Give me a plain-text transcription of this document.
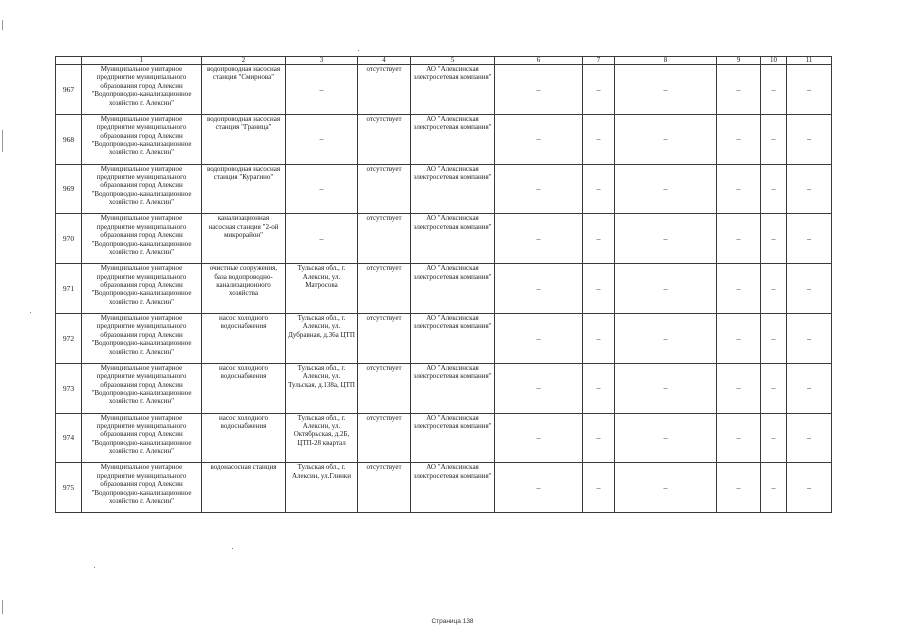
	1	2	3	4	5	6	7	8	9	10	11
967	Муниципальное унитарное предприятие муниципального образования город Алексин "Водопроводно-канализационное хозяйство г. Алексин"	водопроводная насосная станция "Смирнова"	–	отсутствует	АО "Алексинская электросетевая компания"	–	–	–	–	–	–
968	Муниципальное унитарное предприятие муниципального образования город Алексин "Водопроводно-канализационное хозяйство г. Алексин"	водопроводная насосная станция "Граница"	–	отсутствует	АО "Алексинская электросетевая компания"	–	–	–	–	–	–
969	Муниципальное унитарное предприятие муниципального образования город Алексин "Водопроводно-канализационное хозяйство г. Алексин"	водопроводная насосная станция "Курагино"	–	отсутствует	АО "Алексинская электросетевая компания"	–	–	–	–	–	–
970	Муниципальное унитарное предприятие муниципального образования город Алексин "Водопроводно-канализационное хозяйство г. Алексин"	канализационная насосная станция "2-ой микрорайон"	–	отсутствует	АО "Алексинская электросетевая компания"	–	–	–	–	–	–
971	Муниципальное унитарное предприятие муниципального образования город Алексин "Водопроводно-канализационное хозяйство г. Алексин"	очистные сооружения, база водопроводно-канализационного хозяйства	Тульская обл., г. Алексин, ул. Матросова	отсутствует	АО "Алексинская электросетевая компания"	–	–	–	–	–	–
972	Муниципальное унитарное предприятие муниципального образования город Алексин "Водопроводно-канализационное хозяйство г. Алексин"	насос холодного водоснабжения	Тульская обл., г. Алексин, ул. Дубравная, д.36а ЦТП	отсутствует	АО "Алексинская электросетевая компания"	–	–	–	–	–	–
973	Муниципальное унитарное предприятие муниципального образования город Алексин "Водопроводно-канализационное хозяйство г. Алексин"	насос холодного водоснабжения	Тульская обл., г. Алексин, ул. Тульская, д.138а, ЦТП	отсутствует	АО "Алексинская электросетевая компания"	–	–	–	–	–	–
974	Муниципальное унитарное предприятие муниципального образования город Алексин "Водопроводно-канализационное хозяйство г. Алексин"	насос холодного водоснабжения	Тульская обл., г. Алексин, ул. Октябрьская, д.2Б, ЦТП-28 квартал	отсутствует	АО "Алексинская электросетевая компания"	–	–	–	–	–	–
975	Муниципальное унитарное предприятие муниципального образования город Алексин "Водопроводно-канализационное хозяйство г. Алексин"	водонасосная станция	Тульская обл., г. Алексин, ул.Глинки	отсутствует	АО "Алексинская электросетевая компания"	–	–	–	–	–	–
Страница 138
